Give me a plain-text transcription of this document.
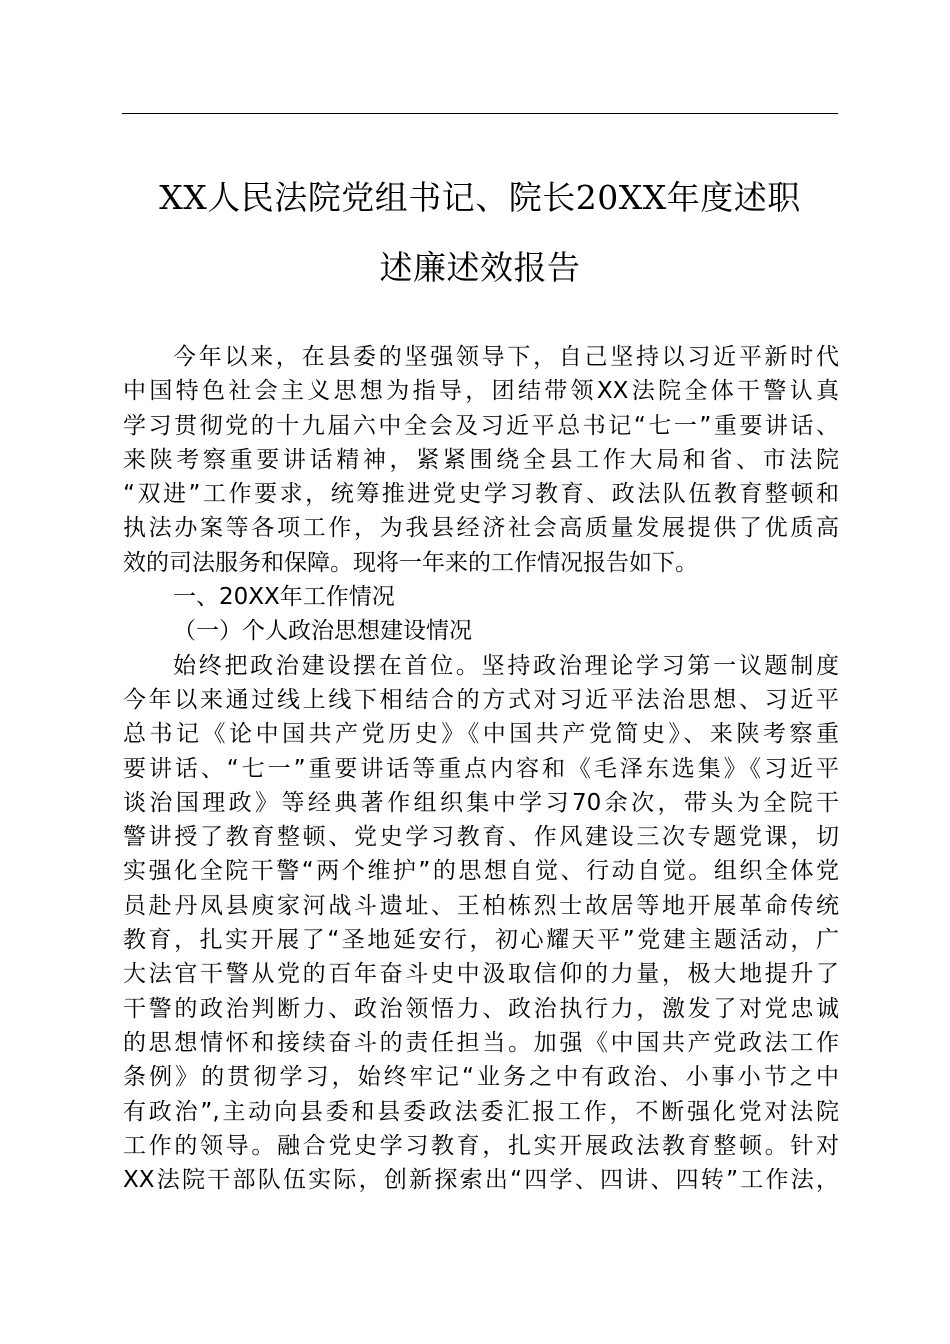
XX人民法院党组书记、院长20XX年度述职
述廉述效报告
今年以来，在县委的坚强领导下，自己坚持以习近平新时代
中国特色社会主义思想为指导，团结带领XX法院全体干警认真
学习贯彻党的十九届六中全会及习近平总书记“七一”重要讲话、
来陕考察重要讲话精神，紧紧围绕全县工作大局和省、市法院
“双进”工作要求，统筹推进党史学习教育、政法队伍教育整顿和
执法办案等各项工作，为我县经济社会高质量发展提供了优质高
效的司法服务和保障。现将一年来的工作情况报告如下。
一、20XX年工作情况
（一）个人政治思想建设情况
始终把政治建设摆在首位。坚持政治理论学习第一议题制度
今年以来通过线上线下相结合的方式对习近平法治思想、习近平
总书记《论中国共产党历史》《中国共产党简史》、来陕考察重
要讲话、“七一”重要讲话等重点内容和《毛泽东选集》《习近平
谈治国理政》等经典著作组织集中学习70余次，带头为全院干
警讲授了教育整顿、党史学习教育、作风建设三次专题党课，切
实强化全院干警“两个维护”的思想自觉、行动自觉。组织全体党
员赴丹凤县庾家河战斗遗址、王柏栋烈士故居等地开展革命传统
教育，扎实开展了“圣地延安行，初心耀天平”党建主题活动，广
大法官干警从党的百年奋斗史中汲取信仰的力量，极大地提升了
干警的政治判断力、政治领悟力、政治执行力，激发了对党忠诚
的思想情怀和接续奋斗的责任担当。加强《中国共产党政法工作
条例》的贯彻学习，始终牢记“业务之中有政治、小事小节之中
有政治”,主动向县委和县委政法委汇报工作，不断强化党对法院
工作的领导。融合党史学习教育，扎实开展政法教育整顿。针对
XX法院干部队伍实际，创新探索出“四学、四讲、四转”工作法，
